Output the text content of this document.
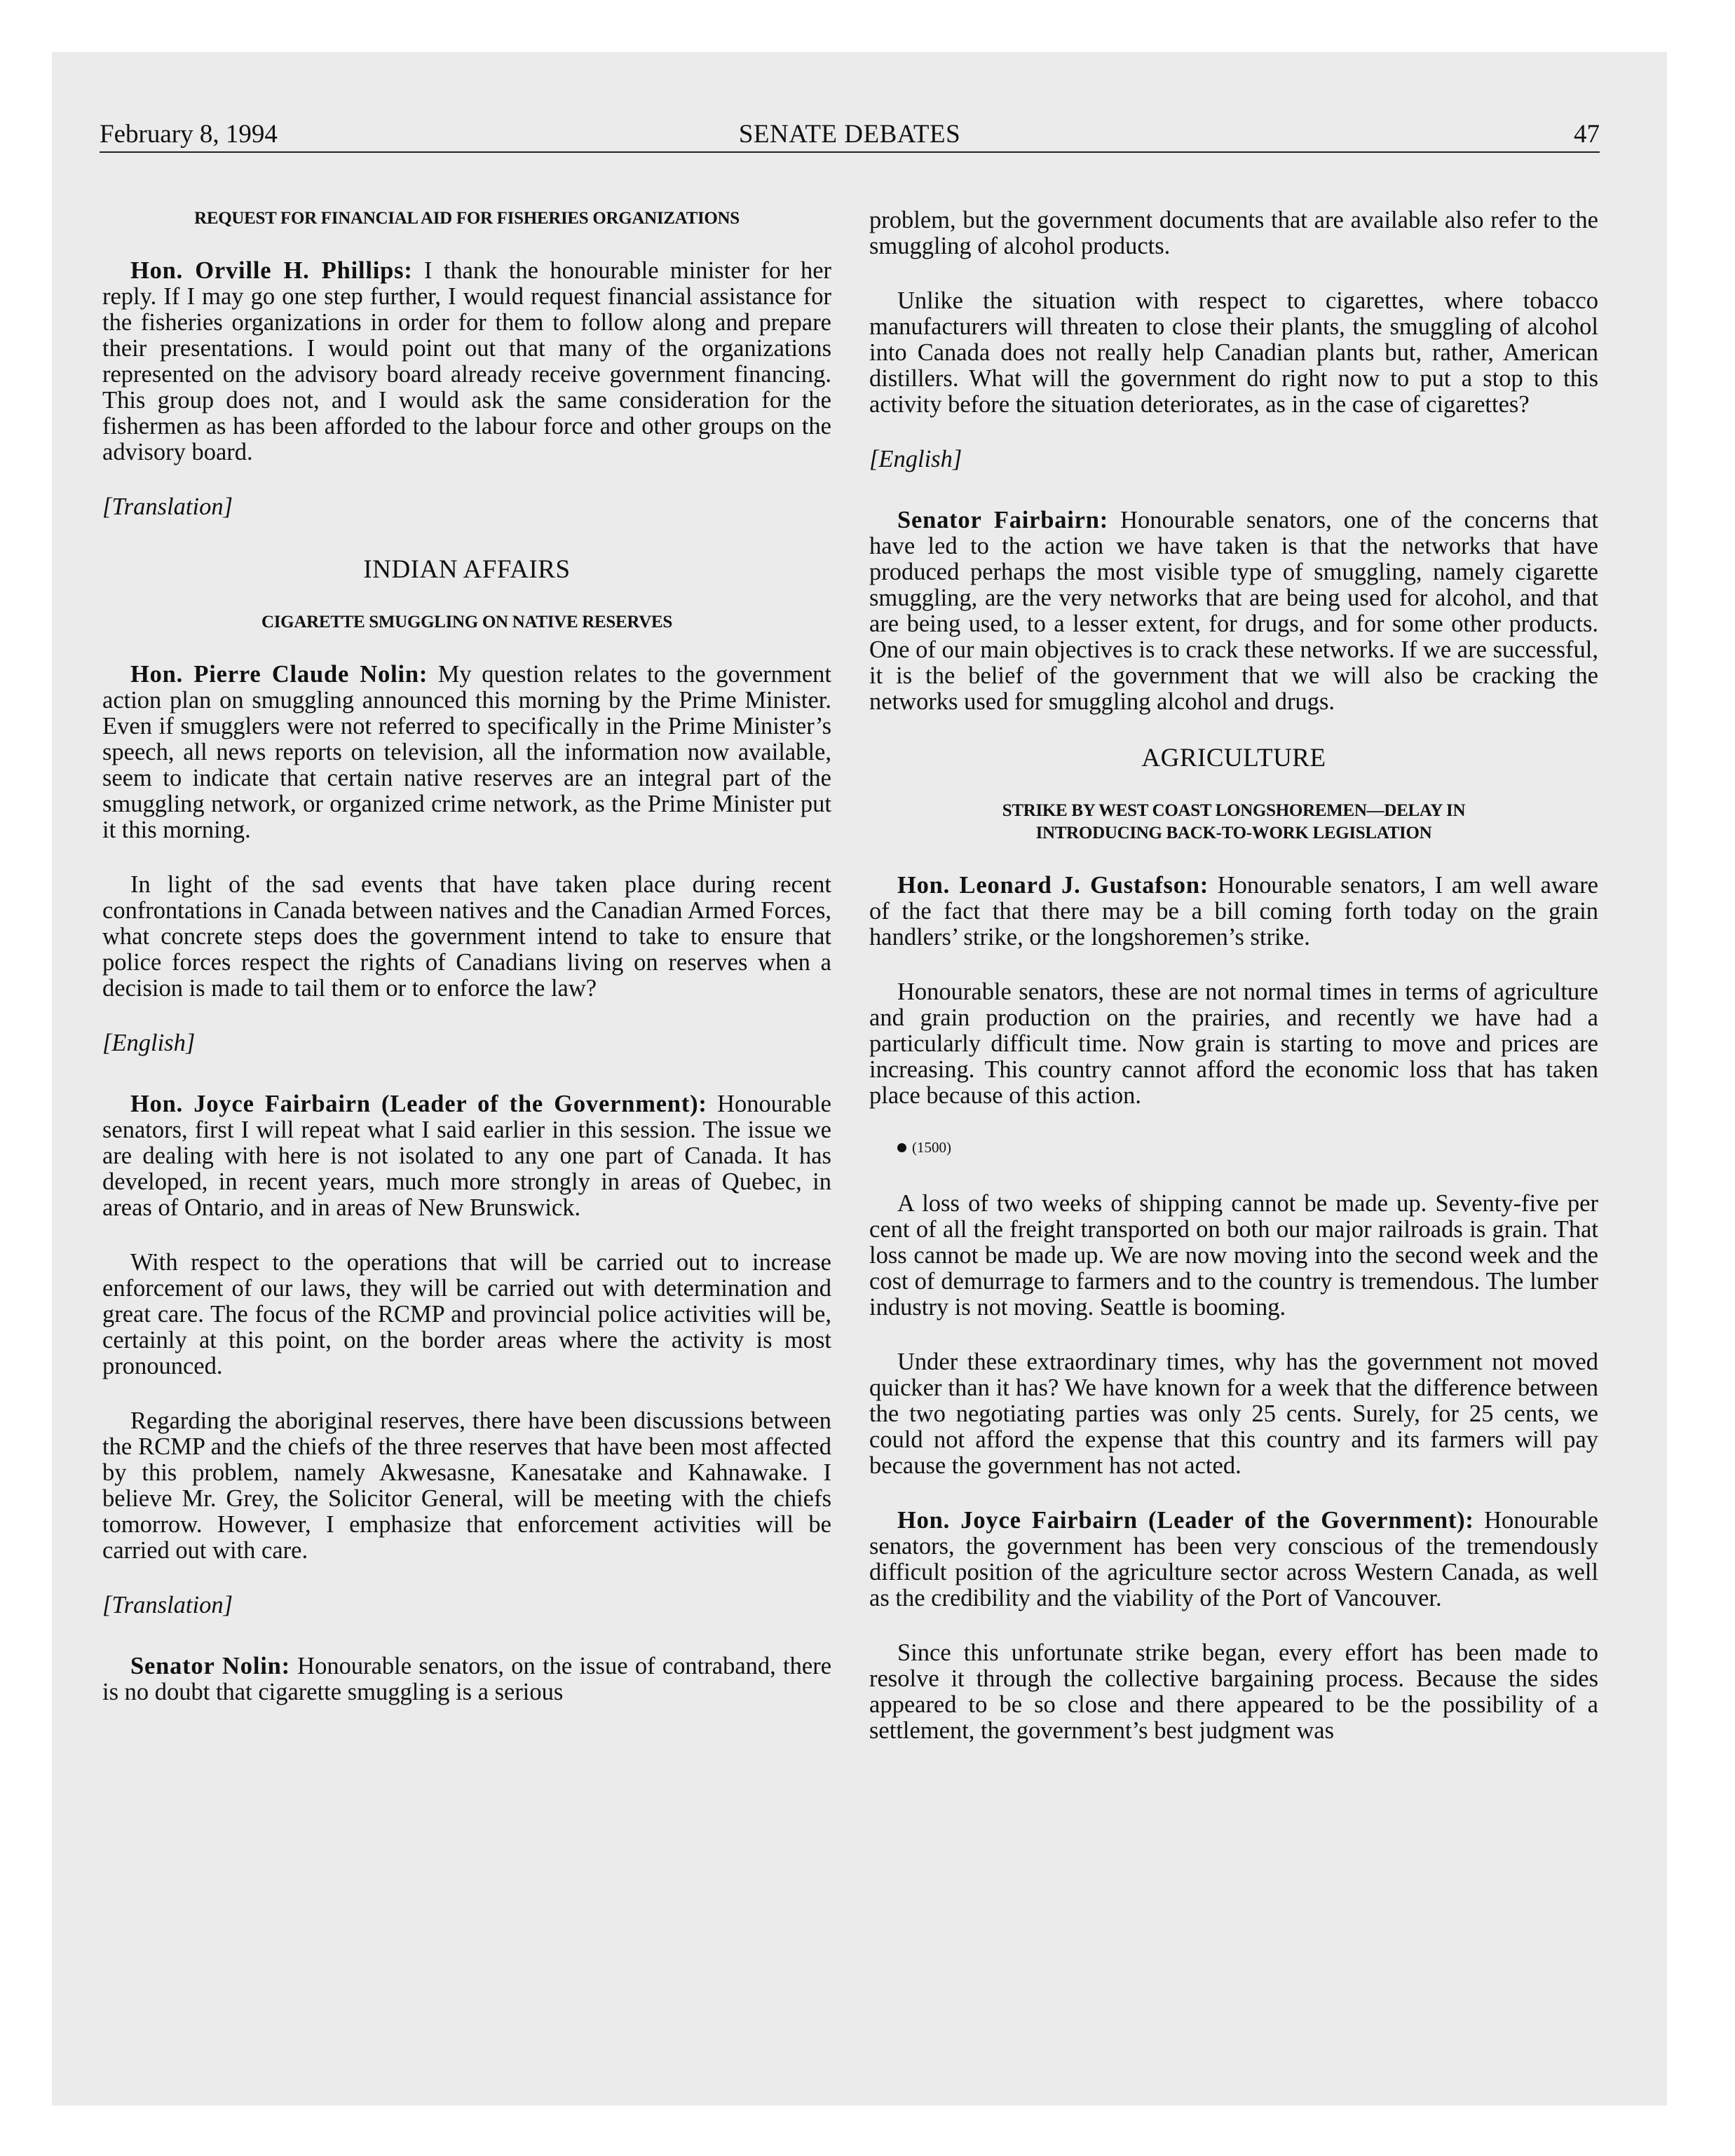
February 8, 1994	SENATE DEBATES	47
REQUEST FOR FINANCIAL AID FOR FISHERIES ORGANIZATIONS

Hon. Orville H. Phillips: I thank the honourable minister for her reply. If I may go one step further, I would request financial assistance for the fisheries organizations in order for them to follow along and prepare their presentations. I would point out that many of the organizations represented on the advisory board already receive government financing. This group does not, and I would ask the same consideration for the fishermen as has been afforded to the labour force and other groups on the advisory board.

[Translation]

INDIAN AFFAIRS
CIGARETTE SMUGGLING ON NATIVE RESERVES

Hon. Pierre Claude Nolin: My question relates to the government action plan on smuggling announced this morning by the Prime Minister. Even if smugglers were not referred to specifically in the Prime Minister’s speech, all news reports on television, all the information now available, seem to indicate that certain native reserves are an integral part of the smuggling network, or organized crime network, as the Prime Minister put it this morning.

In light of the sad events that have taken place during recent confrontations in Canada between natives and the Canadian Armed Forces, what concrete steps does the government intend to take to ensure that police forces respect the rights of Canadians living on reserves when a decision is made to tail them or to enforce the law?

[English]

Hon. Joyce Fairbairn (Leader of the Government): Honourable senators, first I will repeat what I said earlier in this session. The issue we are dealing with here is not isolated to any one part of Canada. It has developed, in recent years, much more strongly in areas of Quebec, in areas of Ontario, and in areas of New Brunswick.

With respect to the operations that will be carried out to increase enforcement of our laws, they will be carried out with determination and great care. The focus of the RCMP and provincial police activities will be, certainly at this point, on the border areas where the activity is most pronounced.

Regarding the aboriginal reserves, there have been discussions between the RCMP and the chiefs of the three reserves that have been most affected by this problem, namely Akwesasne, Kanesatake and Kahnawake. I believe Mr. Grey, the Solicitor General, will be meeting with the chiefs tomorrow. However, I emphasize that enforcement activities will be carried out with care.

[Translation]

Senator Nolin: Honourable senators, on the issue of contraband, there is no doubt that cigarette smuggling is a serious

problem, but the government documents that are available also refer to the smuggling of alcohol products.

Unlike the situation with respect to cigarettes, where tobacco manufacturers will threaten to close their plants, the smuggling of alcohol into Canada does not really help Canadian plants but, rather, American distillers. What will the government do right now to put a stop to this activity before the situation deteriorates, as in the case of cigarettes?

[English]

Senator Fairbairn: Honourable senators, one of the concerns that have led to the action we have taken is that the networks that have produced perhaps the most visible type of smuggling, namely cigarette smuggling, are the very networks that are being used for alcohol, and that are being used, to a lesser extent, for drugs, and for some other products. One of our main objectives is to crack these networks. If we are successful, it is the belief of the government that we will also be cracking the networks used for smuggling alcohol and drugs.

AGRICULTURE
STRIKE BY WEST COAST LONGSHOREMEN—DELAY IN
INTRODUCING BACK-TO-WORK LEGISLATION

Hon. Leonard J. Gustafson: Honourable senators, I am well aware of the fact that there may be a bill coming forth today on the grain handlers’ strike, or the longshoremen’s strike.

Honourable senators, these are not normal times in terms of agriculture and grain production on the prairies, and recently we have had a particularly difficult time. Now grain is starting to move and prices are increasing. This country cannot afford the economic loss that has taken place because of this action.

(1500)

A loss of two weeks of shipping cannot be made up. Seventy-five per cent of all the freight transported on both our major railroads is grain. That loss cannot be made up. We are now moving into the second week and the cost of demurrage to farmers and to the country is tremendous. The lumber industry is not moving. Seattle is booming.

Under these extraordinary times, why has the government not moved quicker than it has? We have known for a week that the difference between the two negotiating parties was only 25 cents. Surely, for 25 cents, we could not afford the expense that this country and its farmers will pay because the government has not acted.

Hon. Joyce Fairbairn (Leader of the Government): Honourable senators, the government has been very conscious of the tremendously difficult position of the agriculture sector across Western Canada, as well as the credibility and the viability of the Port of Vancouver.

Since this unfortunate strike began, every effort has been made to resolve it through the collective bargaining process. Because the sides appeared to be so close and there appeared to be the possibility of a settlement, the government’s best judgment was
